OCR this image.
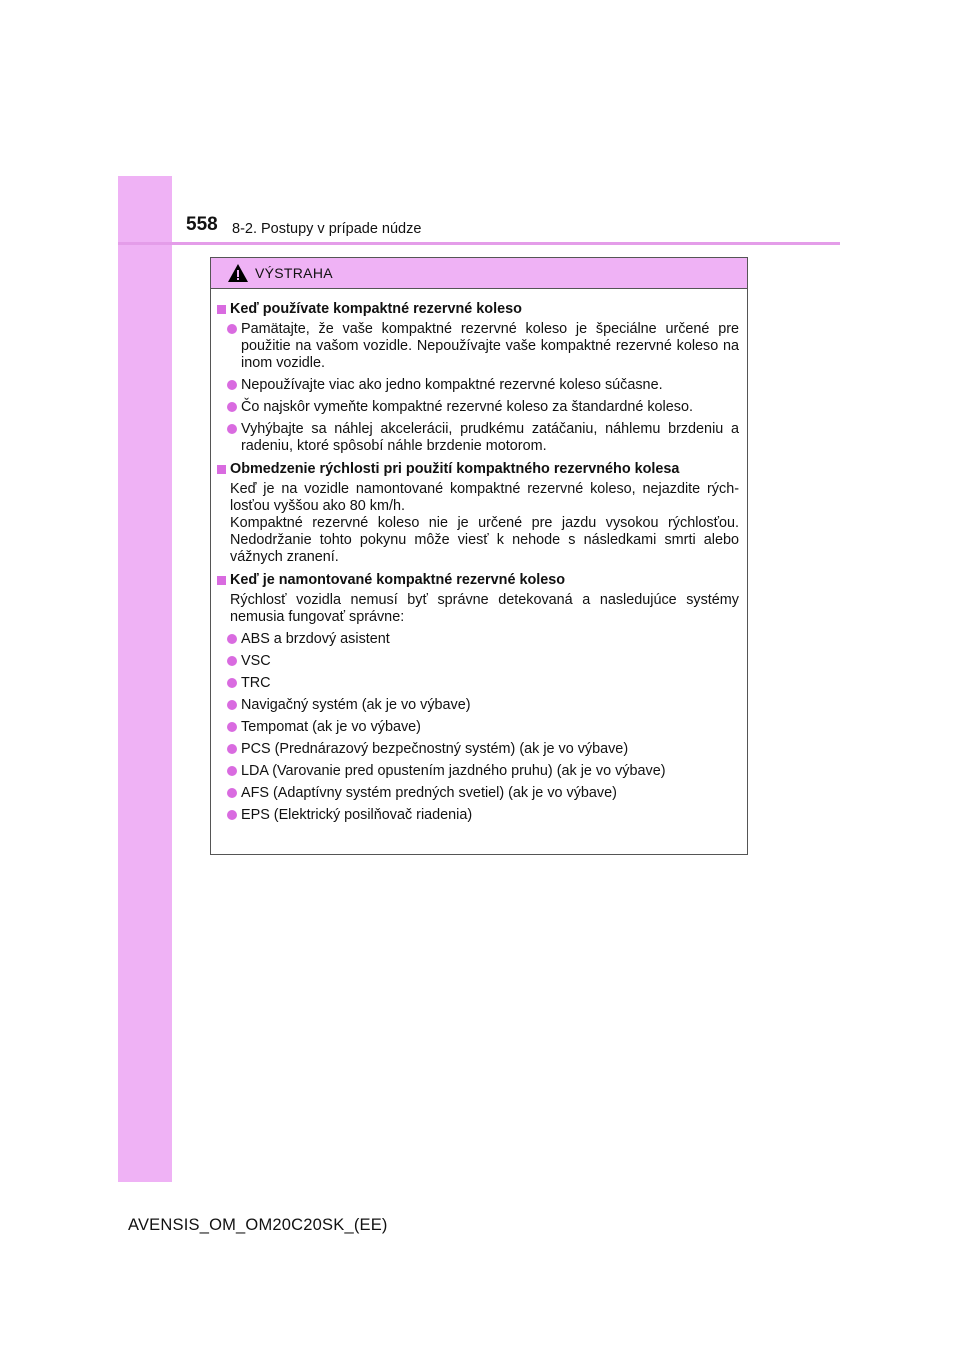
558 8-2. Postupy v prípade núdze
VÝSTRAHA
Keď používate kompaktné rezervné koleso
Pamätajte, že vaše kompaktné rezervné koleso je špeciálne určené pre použitie na vašom vozidle. Nepoužívajte vaše kompaktné rezervné koleso na inom vozidle.
Nepoužívajte viac ako jedno kompaktné rezervné koleso súčasne.
Čo najskôr vymeňte kompaktné rezervné koleso za štandardné koleso.
Vyhýbajte sa náhlej akcelerácii, prudkému zatáčaniu, náhlemu brzdeniu a radeniu, ktoré spôsobí náhle brzdenie motorom.
Obmedzenie rýchlosti pri použití kompaktného rezervného kolesa
Keď je na vozidle namontované kompaktné rezervné koleso, nejazdite rých-losťou vyššou ako 80 km/h.
Kompaktné rezervné koleso nie je určené pre jazdu vysokou rýchlosťou. Nedodržanie tohto pokynu môže viesť k nehode s následkami smrti alebo vážnych zranení.
Keď je namontované kompaktné rezervné koleso
Rýchlosť vozidla nemusí byť správne detekovaná a nasledujúce systémy nemusia fungovať správne:
ABS a brzdový asistent
VSC
TRC
Navigačný systém (ak je vo výbave)
Tempomat (ak je vo výbave)
PCS (Prednárazový bezpečnostný systém) (ak je vo výbave)
LDA (Varovanie pred opustením jazdného pruhu) (ak je vo výbave)
AFS (Adaptívny systém predných svetiel) (ak je vo výbave)
EPS (Elektrický posilňovač riadenia)
AVENSIS_OM_OM20C20SK_(EE)
